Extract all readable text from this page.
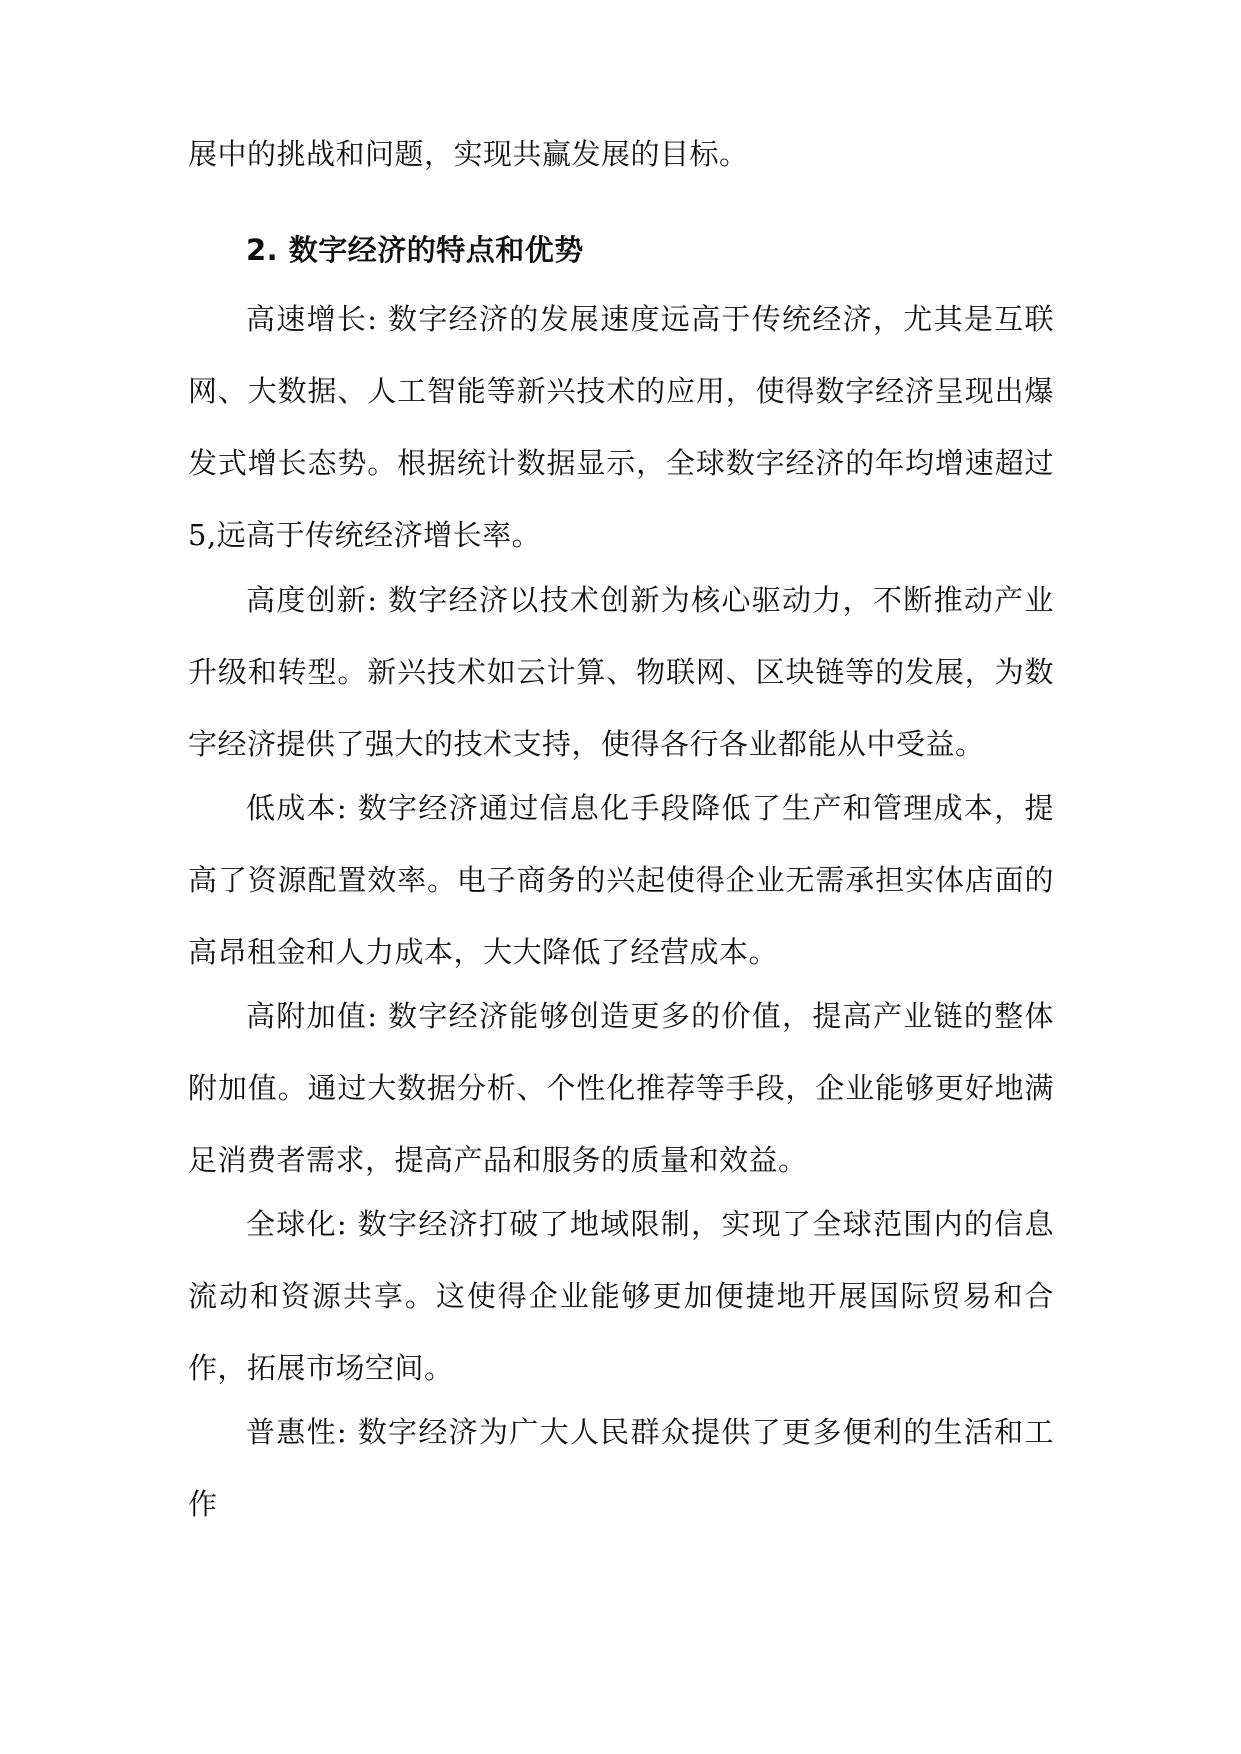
展中的挑战和问题，实现共赢发展的目标。

2. 数字经济的特点和优势

高速增长: 数字经济的发展速度远高于传统经济，尤其是互联网、大数据、人工智能等新兴技术的应用，使得数字经济呈现出爆发式增长态势。根据统计数据显示，全球数字经济的年均增速超过 5,远高于传统经济增长率。

高度创新: 数字经济以技术创新为核心驱动力，不断推动产业升级和转型。新兴技术如云计算、物联网、区块链等的发展，为数字经济提供了强大的技术支持，使得各行各业都能从中受益。

低成本: 数字经济通过信息化手段降低了生产和管理成本，提高了资源配置效率。电子商务的兴起使得企业无需承担实体店面的高昂租金和人力成本，大大降低了经营成本。

高附加值: 数字经济能够创造更多的价值，提高产业链的整体附加值。通过大数据分析、个性化推荐等手段，企业能够更好地满足消费者需求，提高产品和服务的质量和效益。

全球化: 数字经济打破了地域限制，实现了全球范围内的信息流动和资源共享。这使得企业能够更加便捷地开展国际贸易和合作，拓展市场空间。

普惠性: 数字经济为广大人民群众提供了更多便利的生活和工作
